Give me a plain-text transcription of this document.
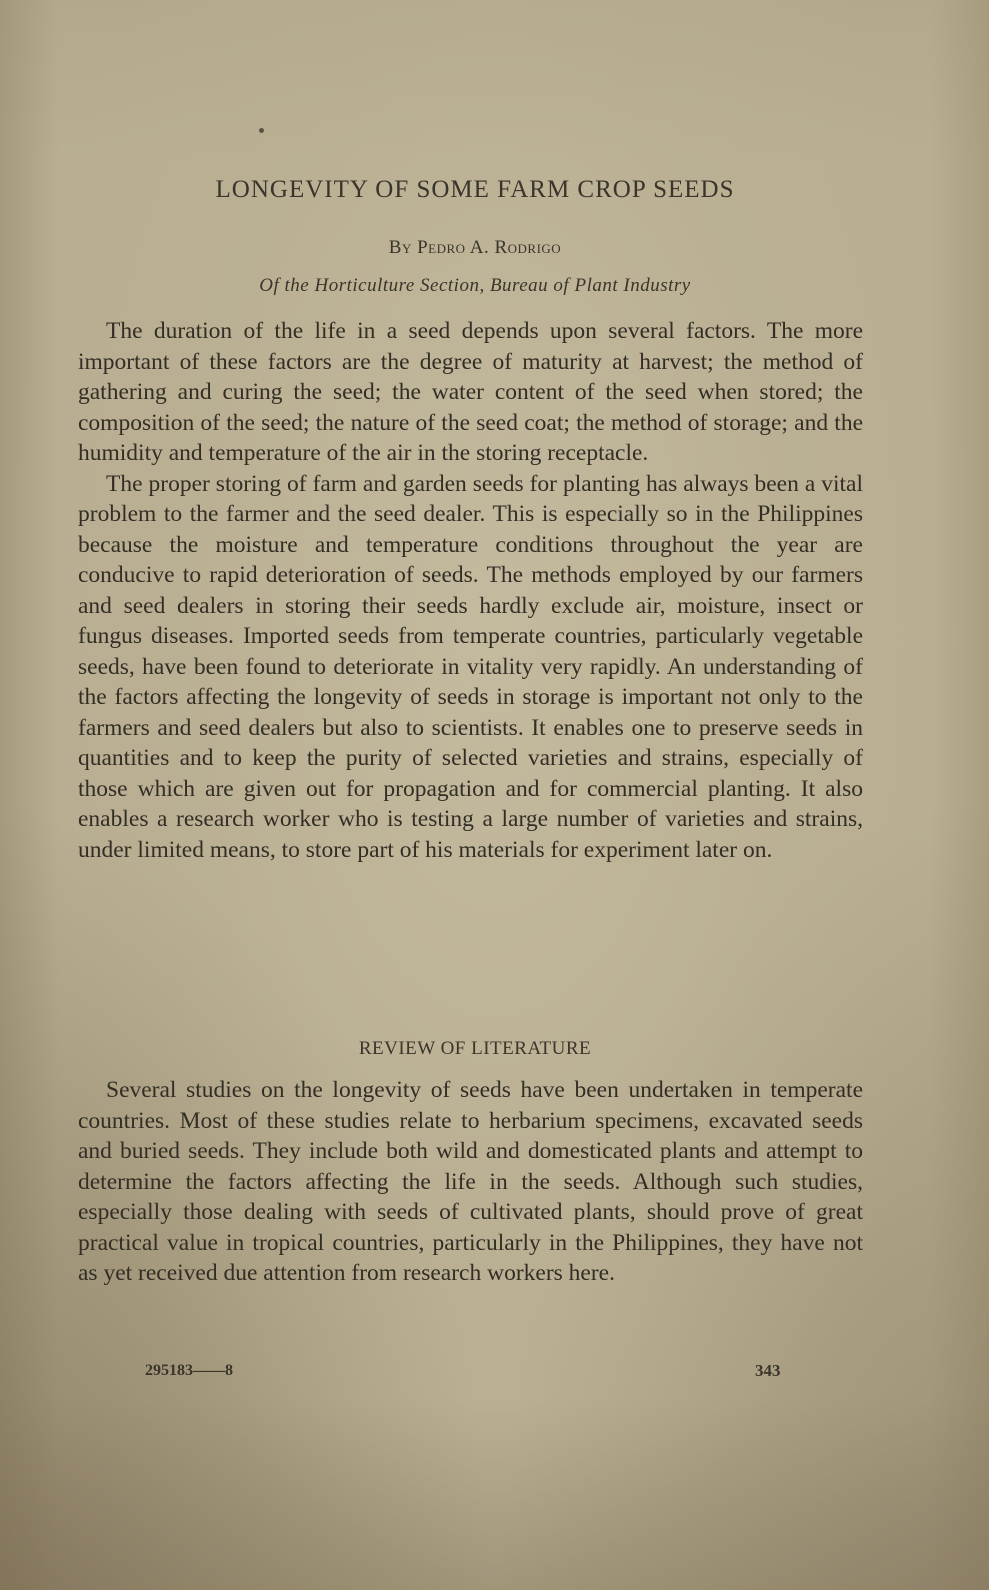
LONGEVITY OF SOME FARM CROP SEEDS
By Pedro A. Rodrigo
Of the Horticulture Section, Bureau of Plant Industry

The duration of the life in a seed depends upon several factors. The more important of these factors are the degree of maturity at harvest; the method of gathering and curing the seed; the water content of the seed when stored; the composition of the seed; the nature of the seed coat; the method of storage; and the humidity and temperature of the air in the storing receptacle.

The proper storing of farm and garden seeds for planting has always been a vital problem to the farmer and the seed dealer. This is especially so in the Philippines because the moisture and temperature conditions throughout the year are conducive to rapid deterioration of seeds. The methods employed by our farmers and seed dealers in storing their seeds hardly exclude air, moisture, insect or fungus diseases. Imported seeds from temperate countries, particularly vegetable seeds, have been found to deteriorate in vitality very rapidly. An understanding of the factors affecting the longevity of seeds in storage is important not only to the farmers and seed dealers but also to scientists. It enables one to preserve seeds in quantities and to keep the purity of selected varieties and strains, especially of those which are given out for propagation and for commercial planting. It also enables a research worker who is testing a large number of varieties and strains, under limited means, to store part of his materials for experiment later on.

REVIEW OF LITERATURE

Several studies on the longevity of seeds have been undertaken in temperate countries. Most of these studies relate to herbarium specimens, excavated seeds and buried seeds. They include both wild and domesticated plants and attempt to determine the factors affecting the life in the seeds. Although such studies, especially those dealing with seeds of cultivated plants, should prove of great practical value in tropical countries, particularly in the Philippines, they have not as yet received due attention from research workers here.

295183——8	343
